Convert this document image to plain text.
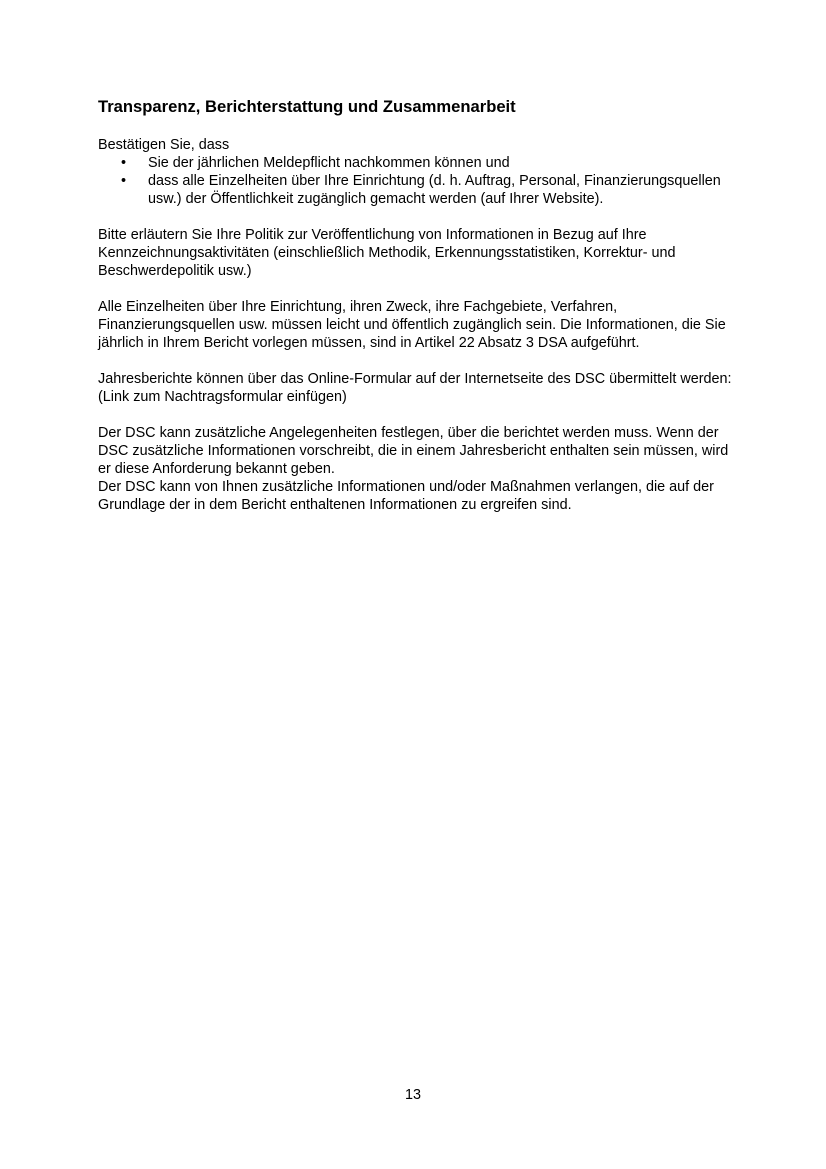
Transparenz, Berichterstattung und Zusammenarbeit

Bestätigen Sie, dass

• Sie der jährlichen Meldepflicht nachkommen können und
• dass alle Einzelheiten über Ihre Einrichtung (d. h. Auftrag, Personal, Finanzierungsquellen usw.) der Öffentlichkeit zugänglich gemacht werden (auf Ihrer Website).

Bitte erläutern Sie Ihre Politik zur Veröffentlichung von Informationen in Bezug auf Ihre Kennzeichnungsaktivitäten (einschließlich Methodik, Erkennungsstatistiken, Korrektur- und Beschwerdepolitik usw.)

Alle Einzelheiten über Ihre Einrichtung, ihren Zweck, ihre Fachgebiete, Verfahren, Finanzierungsquellen usw. müssen leicht und öffentlich zugänglich sein. Die Informationen, die Sie jährlich in Ihrem Bericht vorlegen müssen, sind in Artikel 22 Absatz 3 DSA aufgeführt.

Jahresberichte können über das Online-Formular auf der Internetseite des DSC übermittelt werden: (Link zum Nachtragsformular einfügen)

Der DSC kann zusätzliche Angelegenheiten festlegen, über die berichtet werden muss. Wenn der DSC zusätzliche Informationen vorschreibt, die in einem Jahresbericht enthalten sein müssen, wird er diese Anforderung bekannt geben.

Der DSC kann von Ihnen zusätzliche Informationen und/oder Maßnahmen verlangen, die auf der Grundlage der in dem Bericht enthaltenen Informationen zu ergreifen sind.

13
